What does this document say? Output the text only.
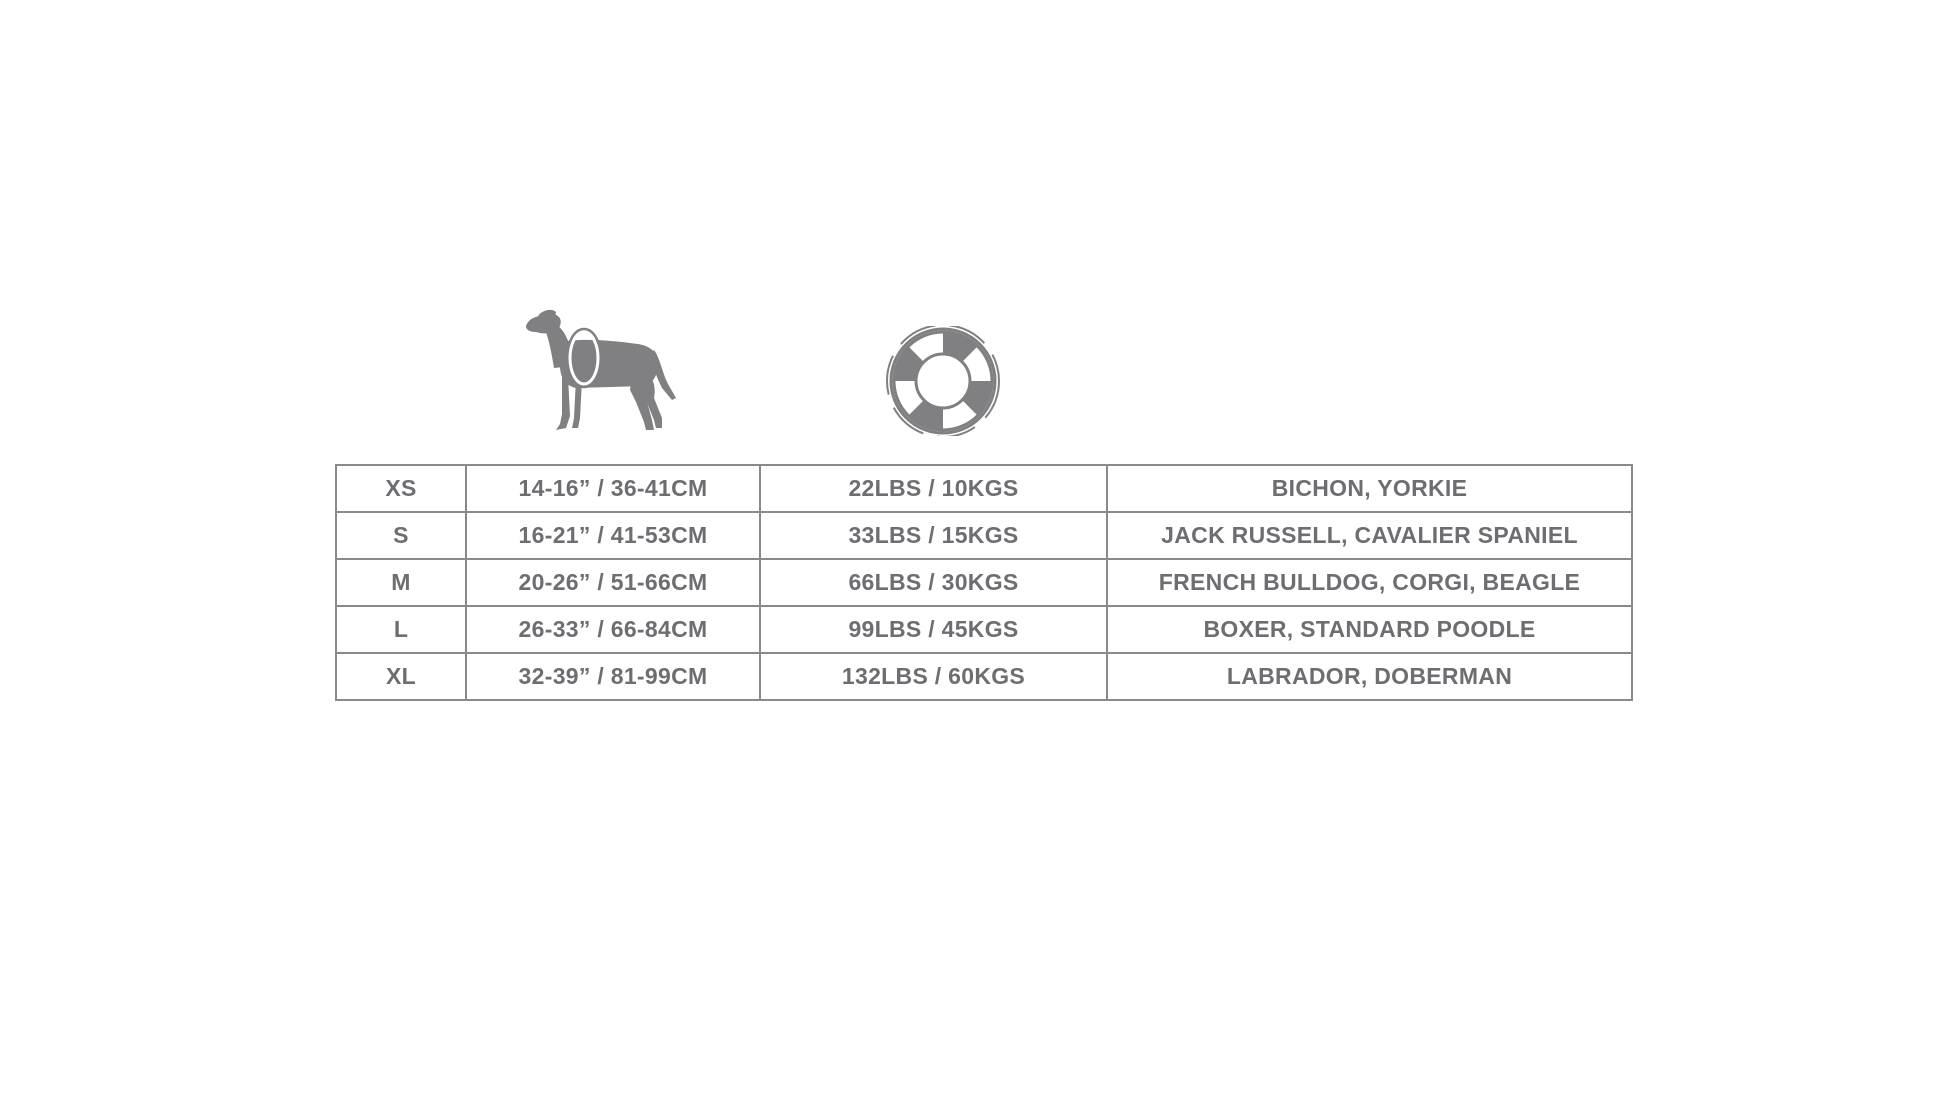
XS	14-16” / 36-41CM	22LBS / 10KGS	BICHON, YORKIE
S	16-21” / 41-53CM	33LBS / 15KGS	JACK RUSSELL, CAVALIER SPANIEL
M	20-26” / 51-66CM	66LBS / 30KGS	FRENCH BULLDOG, CORGI, BEAGLE
L	26-33” / 66-84CM	99LBS / 45KGS	BOXER, STANDARD POODLE
XL	32-39” / 81-99CM	132LBS / 60KGS	LABRADOR, DOBERMAN
